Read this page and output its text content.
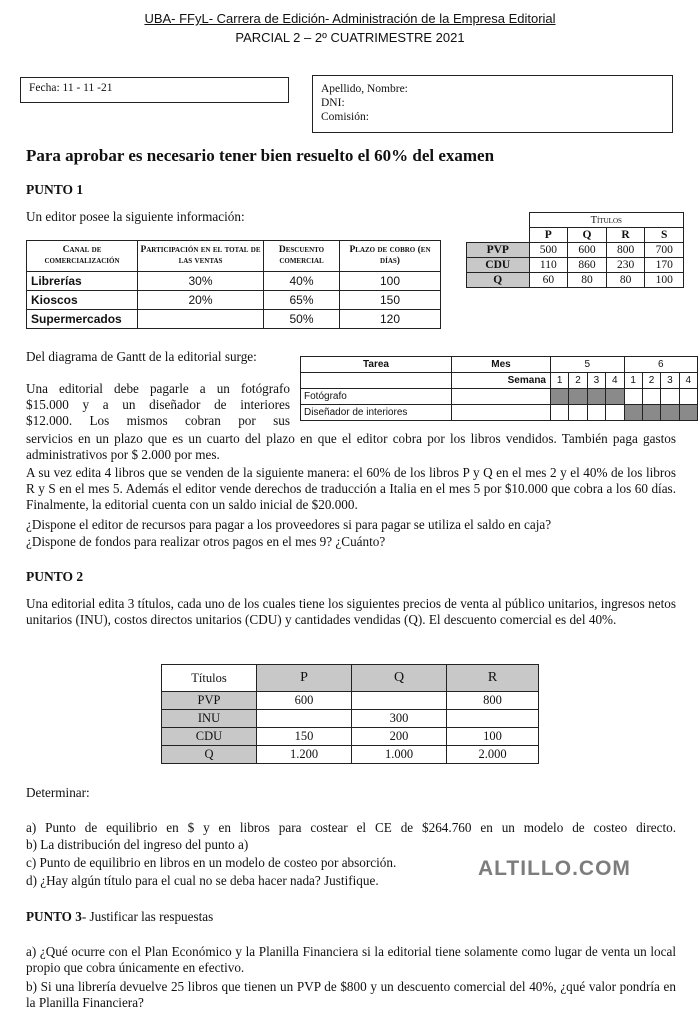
UBA- FFyL- Carrera de Edición- Administración de la Empresa Editorial
PARCIAL 2 – 2º CUATRIMESTRE 2021
Fecha: 11 - 11 -21	Apellido, Nombre:
DNI:
Comisión:
Para aprobar es necesario tener bien resuelto el 60% del examen
PUNTO 1
Un editor posee la siguiente información:
Canal de comercialización	Participación en el total de las ventas	Descuento comercial	Plazo de cobro (en días)
Librerías	30%	40%	100
Kioscos	20%	65%	150
Supermercados		50%	120
	Títulos			
	P	Q	R	S
PVP	500	600	800	700
CDU	110	860	230	170
Q	60	80	80	100
Del diagrama de Gantt de la editorial surge:
Tarea	Mes	5				6			
	Semana	1	2	3	4	1	2	3	4
Fotógrafo									
Diseñador de interiores									
Una editorial debe pagarle a un fotógrafo
$15.000 y a un diseñador de interiores
$12.000. Los mismos cobran por sus
servicios en un plazo que es un cuarto del plazo en que el editor cobra por los libros vendidos. También paga gastos administrativos por $ 2.000 por mes.
A su vez edita 4 libros que se venden de la siguiente manera: el 60% de los libros P y Q en el mes 2 y el 40% de los libros R y S en el mes 5. Además el editor vende derechos de traducción a Italia en el mes 5 por $10.000 que cobra a los 60 días. Finalmente, la editorial cuenta con un saldo inicial de $20.000.
¿Dispone el editor de recursos para pagar a los proveedores si para pagar se utiliza el saldo en caja?
¿Dispone de fondos para realizar otros pagos en el mes 9? ¿Cuánto?
PUNTO 2
Una editorial edita 3 títulos, cada uno de los cuales tiene los siguientes precios de venta al público unitarios, ingresos netos unitarios (INU), costos directos unitarios (CDU) y cantidades vendidas (Q). El descuento comercial es del 40%.
Títulos	P	Q	R
PVP	600		800
INU		300	
CDU	150	200	100
Q	1.200	1.000	2.000
Determinar:
a) Punto de equilibrio en $ y en libros para costear el CE de $264.760 en un modelo de costeo directo.
b) La distribución del ingreso del punto a)
c) Punto de equilibrio en libros en un modelo de costeo por absorción.
d) ¿Hay algún título para el cual no se deba hacer nada? Justifique.
ALTILLO.COM
PUNTO 3- Justificar las respuestas
a) ¿Qué ocurre con el Plan Económico y la Planilla Financiera si la editorial tiene solamente como lugar de venta un local propio que cobra únicamente en efectivo.
b) Si una librería devuelve 25 libros que tienen un PVP de $800 y un descuento comercial del 40%, ¿qué valor pondría en la Planilla Financiera?
